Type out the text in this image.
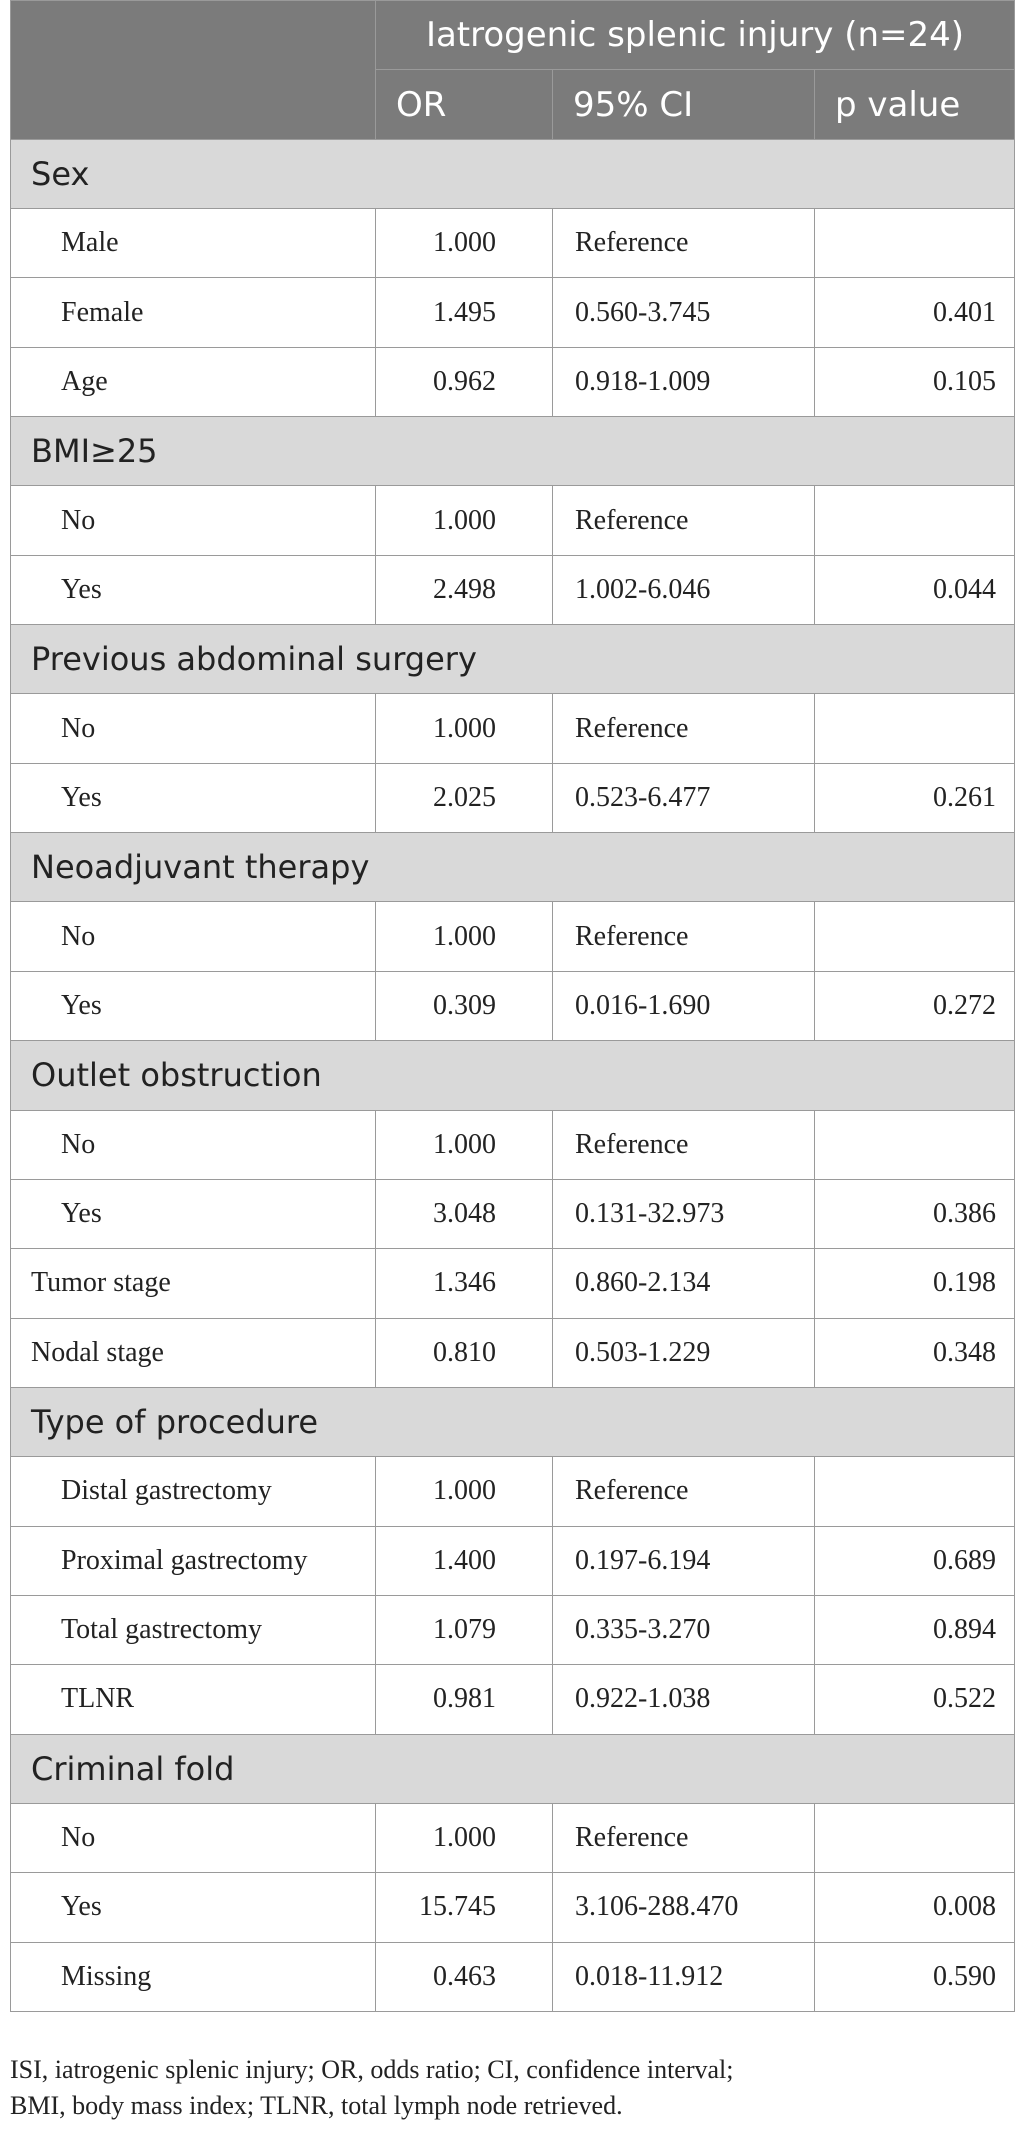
	Iatrogenic splenic injury (n=24)		
	OR	95% CI	p value
Sex			
Male	1.000	Reference	
Female	1.495	0.560-3.745	0.401
Age	0.962	0.918-1.009	0.105
BMI≥25			
No	1.000	Reference	
Yes	2.498	1.002-6.046	0.044
Previous abdominal surgery			
No	1.000	Reference	
Yes	2.025	0.523-6.477	0.261
Neoadjuvant therapy			
No	1.000	Reference	
Yes	0.309	0.016-1.690	0.272
Outlet obstruction			
No	1.000	Reference	
Yes	3.048	0.131-32.973	0.386
Tumor stage	1.346	0.860-2.134	0.198
Nodal stage	0.810	0.503-1.229	0.348
Type of procedure			
Distal gastrectomy	1.000	Reference	
Proximal gastrectomy	1.400	0.197-6.194	0.689
Total gastrectomy	1.079	0.335-3.270	0.894
TLNR	0.981	0.922-1.038	0.522
Criminal fold			
No	1.000	Reference	
Yes	15.745	3.106-288.470	0.008
Missing	0.463	0.018-11.912	0.590
ISI, iatrogenic splenic injury; OR, odds ratio; CI, confidence interval;
BMI, body mass index; TLNR, total lymph node retrieved.
